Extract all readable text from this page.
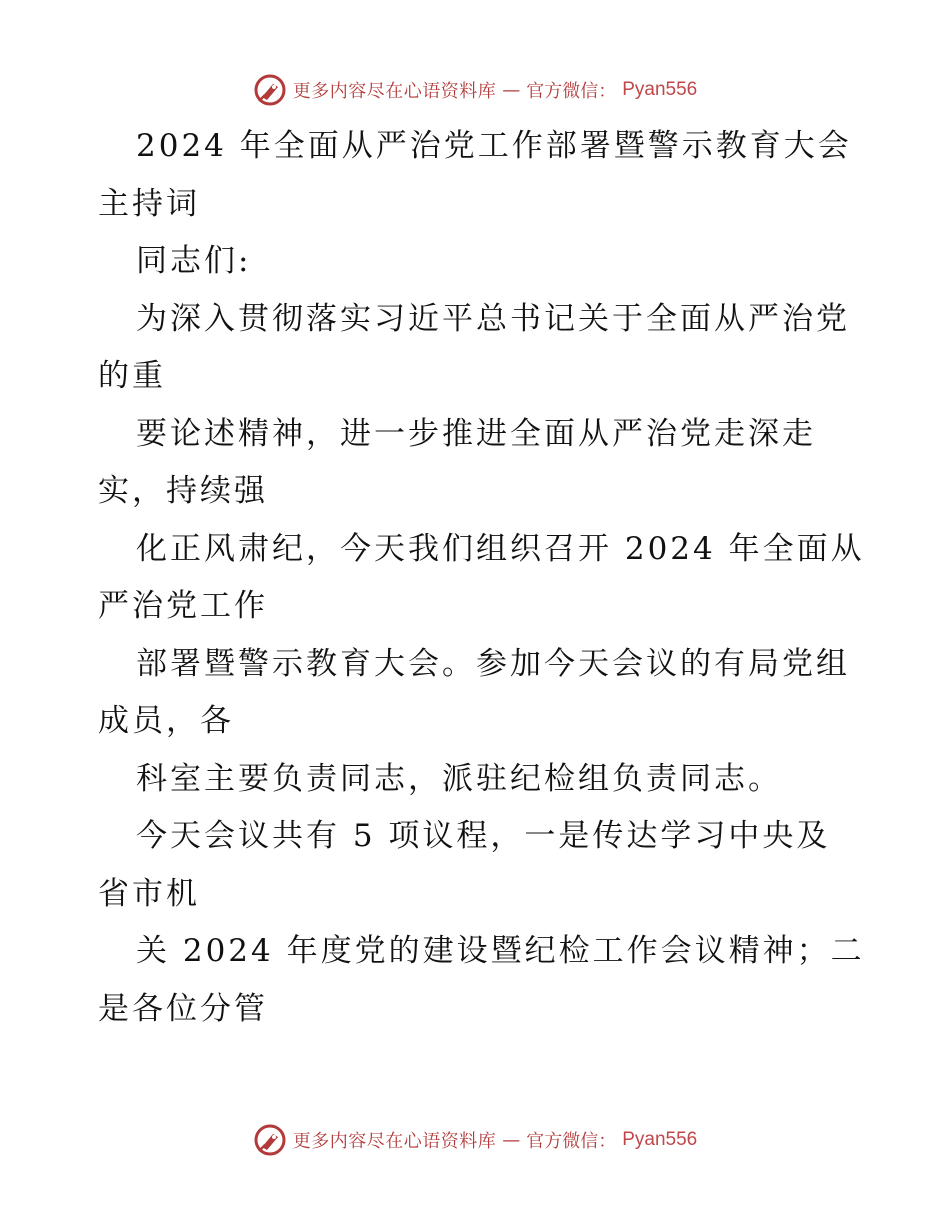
更多内容尽在心语资料库 — 官方微信： Pyan556
2024 年全面从严治党工作部署暨警示教育大会
主持词
同志们:
为深入贯彻落实习近平总书记关于全面从严治党
的重
要论述精神，进一步推进全面从严治党走深走
实，持续强
化正风肃纪，今天我们组织召开 2024 年全面从
严治党工作
部署暨警示教育大会。参加今天会议的有局党组
成员，各
科室主要负责同志，派驻纪检组负责同志。
今天会议共有 5 项议程，一是传达学习中央及
省市机
关 2024 年度党的建设暨纪检工作会议精神；二
是各位分管
更多内容尽在心语资料库 — 官方微信： Pyan556
